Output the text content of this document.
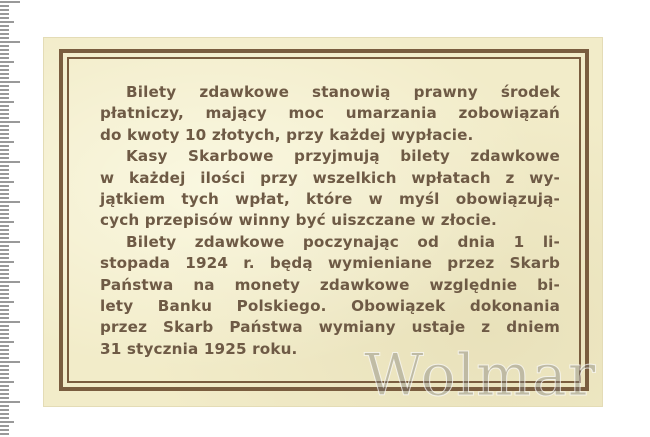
Bilety zdawkowe stanowią prawny środek
płatniczy, mający moc umarzania zobowiązań
do kwoty 10 złotych, przy każdej wypłacie.
Kasy Skarbowe przyjmują bilety zdawkowe
w każdej ilości przy wszelkich wpłatach z wy-
jątkiem tych wpłat, które w myśl obowiązują-
cych przepisów winny być uiszczane w złocie.
Bilety zdawkowe poczynając od dnia 1 li-
stopada 1924 r. będą wymieniane przez Skarb
Państwa na monety zdawkowe względnie bi-
lety Banku Polskiego. Obowiązek dokonania
przez Skarb Państwa wymiany ustaje z dniem
31 stycznia 1925 roku.	Wolmar
